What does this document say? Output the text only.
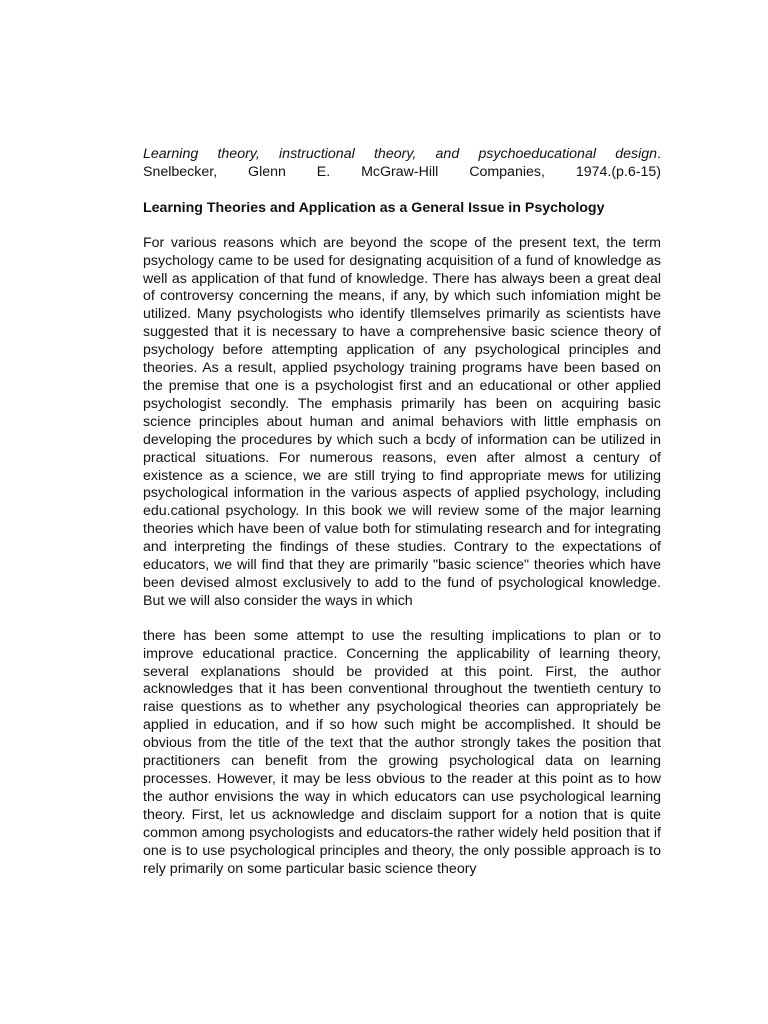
Learning theory, instructional theory, and psychoeducational design.
Snelbecker, Glenn E. McGraw-Hill Companies, 1974.(p.6-15)

Learning Theories and Application as a General Issue in Psychology

For various reasons which are beyond the scope of the present text, the term psychology came to be used for designating acquisition of a fund of knowledge as well as application of that fund of knowledge. There has always been a great deal of controversy concerning the means, if any, by which such infomiation might be utilized. Many psychologists who identify tllemselves primarily as scientists have suggested that it is necessary to have a comprehensive basic science theory of psychology before attempting application of any psychological principles and theories. As a result, applied psychology training programs have been based on the premise that one is a psychologist first and an educational or other applied psychologist secondly. The emphasis primarily has been on acquiring basic science principles about human and animal behaviors with little emphasis on developing the procedures by which such a bcdy of information can be utilized in practical situations. For numerous reasons, even after almost a century of existence as a science, we are still trying to find appropriate mews for utilizing psychological information in the various aspects of applied psychology, including edu.cational psychology. In this book we will review some of the major learning theories which have been of value both for stimulating research and for integrating and interpreting the findings of these studies. Contrary to the expectations of educators, we will find that they are primarily "basic science" theories which have been devised almost exclusively to add to the fund of psychological knowledge. But we will also consider the ways in which

there has been some attempt to use the resulting implications to plan or to improve educational practice. Concerning the applicability of learning theory, several explanations should be provided at this point. First, the author acknowledges that it has been conventional throughout the twentieth century to raise questions as to whether any psychological theories can appropriately be applied in education, and if so how such might be accomplished. It should be obvious from the title of the text that the author strongly takes the position that practitioners can benefit from the growing psychological data on learning processes. However, it may be less obvious to the reader at this point as to how the author envisions the way in which educators can use psychological learning theory. First, let us acknowledge and disclaim support for a notion that is quite common among psychologists and educators-the rather widely held position that if one is to use psychological principles and theory, the only possible approach is to rely primarily on some particular basic science theory
